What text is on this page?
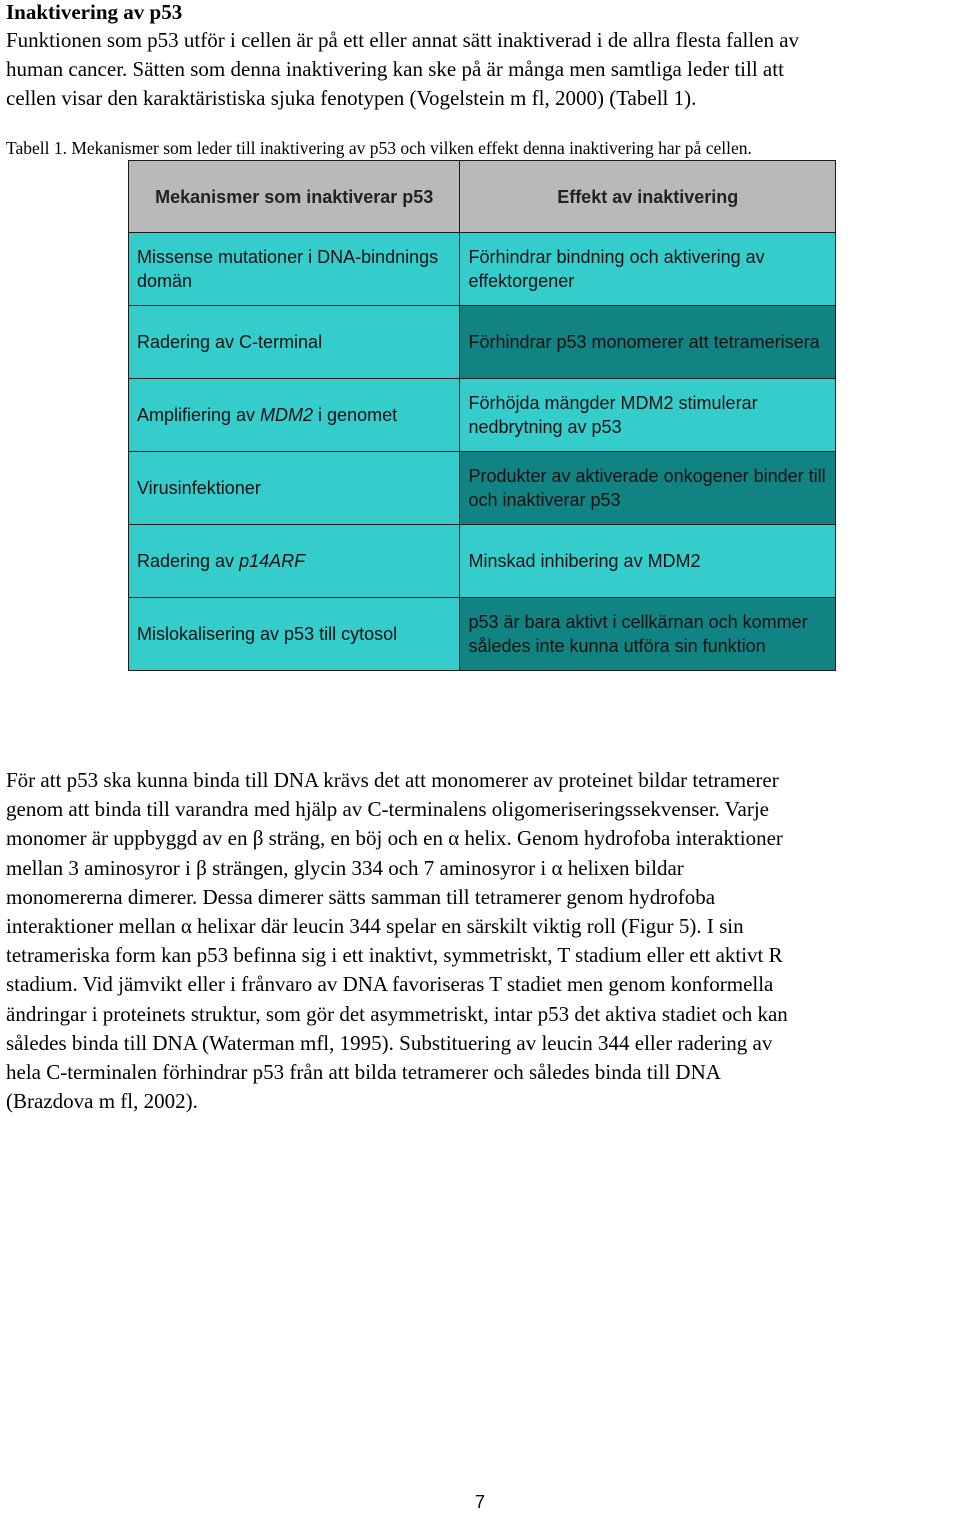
Inaktivering av p53
Funktionen som p53 utför i cellen är på ett eller annat sätt inaktiverad i de allra flesta fallen av
human cancer. Sätten som denna inaktivering kan ske på är många men samtliga leder till att
cellen visar den karaktäristiska sjuka fenotypen (Vogelstein m fl, 2000) (Tabell 1).
Tabell 1. Mekanismer som leder till inaktivering av p53 och vilken effekt denna inaktivering har på cellen.
Mekanismer som inaktiverar p53	Effekt av inaktivering
Missense mutationer i DNA-bindnings domän	Förhindrar bindning och aktivering av effektorgener
Radering av C-terminal	Förhindrar p53 monomerer att tetramerisera
Amplifiering av MDM2 i genomet	Förhöjda mängder MDM2 stimulerar nedbrytning av p53
Virusinfektioner	Produkter av aktiverade onkogener binder till och inaktiverar p53
Radering av p14ARF	Minskad inhibering av MDM2
Mislokalisering av p53 till cytosol	p53 är bara aktivt i cellkärnan och kommer således inte kunna utföra sin funktion
För att p53 ska kunna binda till DNA krävs det att monomerer av proteinet bildar tetramerer
genom att binda till varandra med hjälp av C-terminalens oligomeriseringssekvenser. Varje
monomer är uppbyggd av en β sträng, en böj och en α helix. Genom hydrofoba interaktioner
mellan 3 aminosyror i β strängen, glycin 334 och 7 aminosyror i α helixen bildar
monomererna dimerer. Dessa dimerer sätts samman till tetramerer genom hydrofoba
interaktioner mellan α helixar där leucin 344 spelar en särskilt viktig roll (Figur 5). I sin
tetrameriska form kan p53 befinna sig i ett inaktivt, symmetriskt, T stadium eller ett aktivt R
stadium. Vid jämvikt eller i frånvaro av DNA favoriseras T stadiet men genom konformella
ändringar i proteinets struktur, som gör det asymmetriskt, intar p53 det aktiva stadiet och kan
således binda till DNA (Waterman mfl, 1995). Substituering av leucin 344 eller radering av
hela C-terminalen förhindrar p53 från att bilda tetramerer och således binda till DNA
(Brazdova m fl, 2002).
7
